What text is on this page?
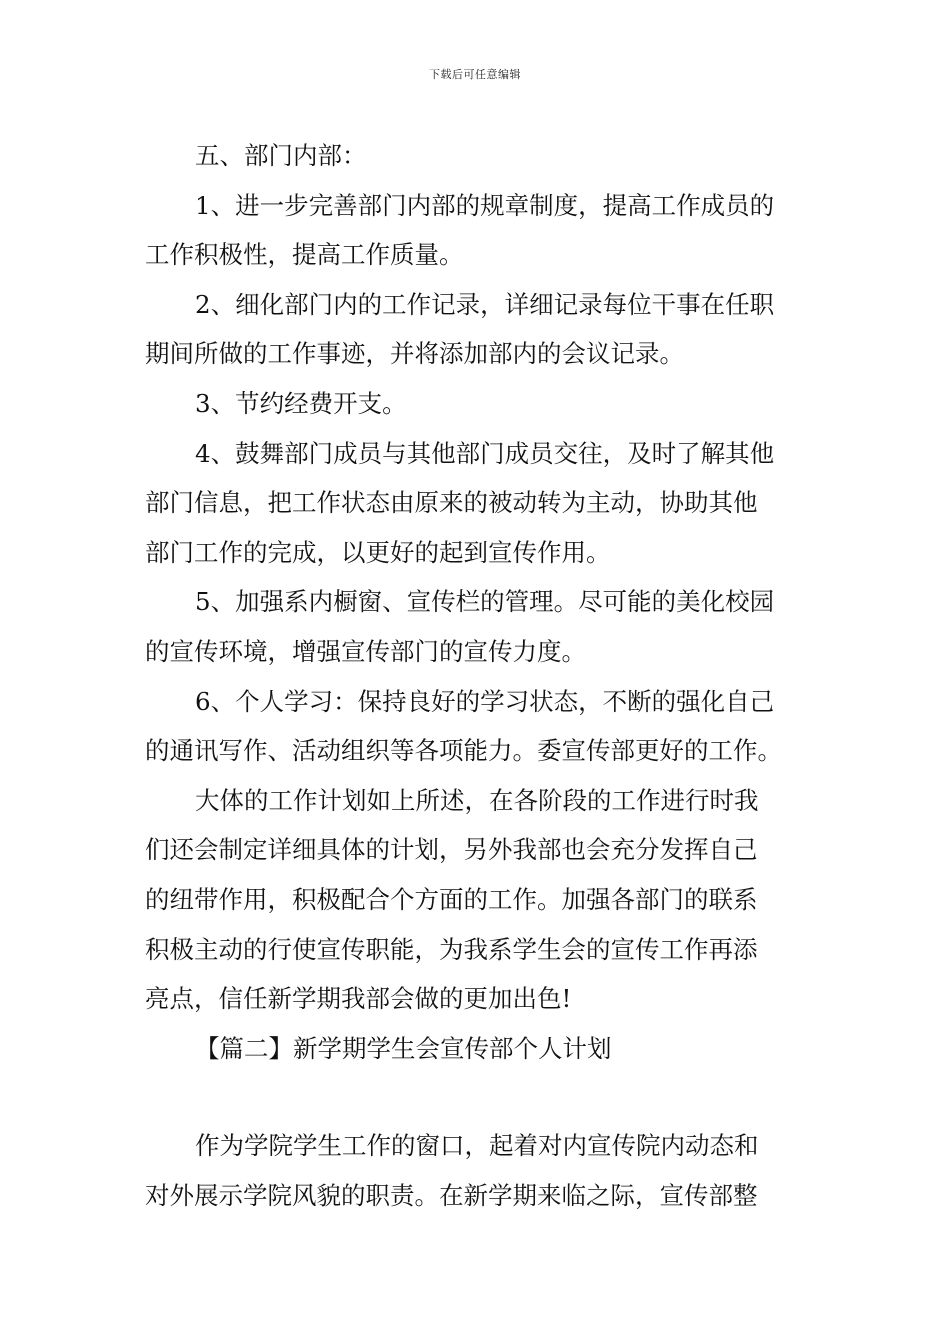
下载后可任意编辑
五、部门内部：
1、进一步完善部门内部的规章制度，提高工作成员的
工作积极性，提高工作质量。
2、细化部门内的工作记录，详细记录每位干事在任职
期间所做的工作事迹，并将添加部内的会议记录。
3、节约经费开支。
4、鼓舞部门成员与其他部门成员交往，及时了解其他
部门信息，把工作状态由原来的被动转为主动，协助其他
部门工作的完成，以更好的起到宣传作用。
5、加强系内橱窗、宣传栏的管理。尽可能的美化校园
的宣传环境，增强宣传部门的宣传力度。
6、个人学习：保持良好的学习状态，不断的强化自己
的通讯写作、活动组织等各项能力。委宣传部更好的工作。
大体的工作计划如上所述，在各阶段的工作进行时我
们还会制定详细具体的计划，另外我部也会充分发挥自己
的纽带作用，积极配合个方面的工作。加强各部门的联系
积极主动的行使宣传职能，为我系学生会的宣传工作再添
亮点，信任新学期我部会做的更加出色!
【篇二】新学期学生会宣传部个人计划
作为学院学生工作的窗口，起着对内宣传院内动态和
对外展示学院风貌的职责。在新学期来临之际，宣传部整
